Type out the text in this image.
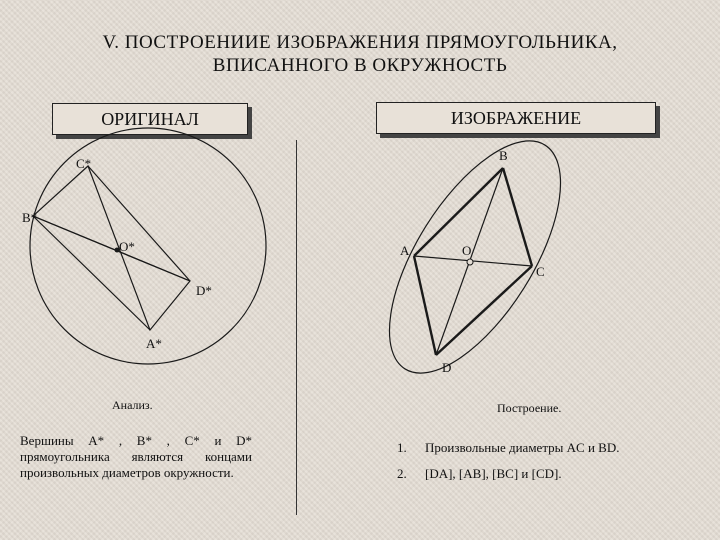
V. ПОСТРОЕНИИЕ ИЗОБРАЖЕНИЯ ПРЯМОУГОЛЬНИКА,
ВПИСАННОГО В ОКРУЖНОСТЬ
ОРИГИНАЛ	ИЗОБРАЖЕНИЕ
C*
B*
O*
D*
A*
B
A	O
C
D
Анализ.
Вершины A* , B* , C* и D* прямоугольника являются концами произвольных диаметров окружности.
Построение.
1. Произвольные диаметры AC и BD.
2. [DA], [AB], [BC] и [CD].
